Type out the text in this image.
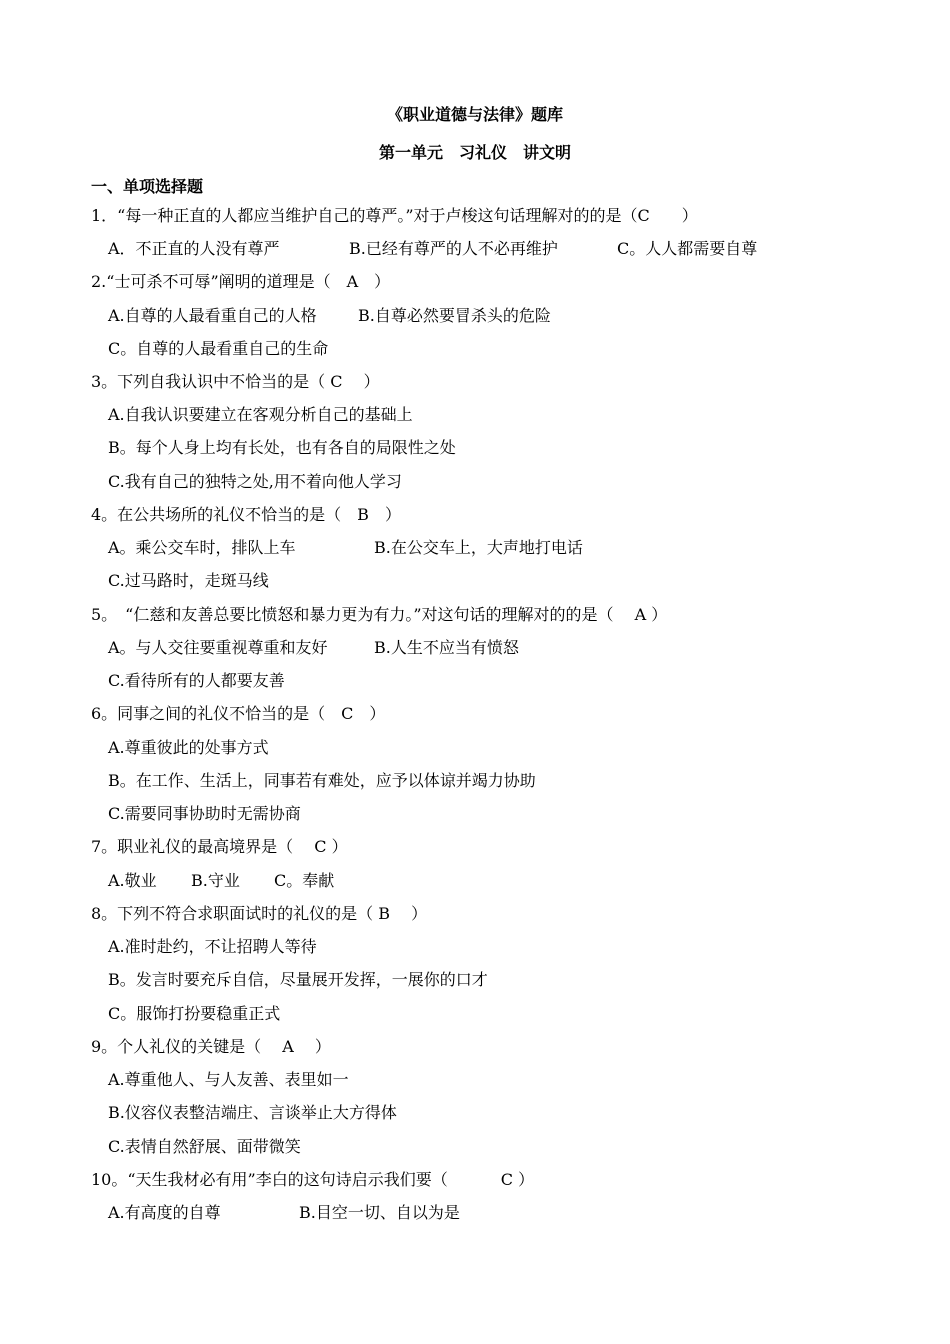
《职业道德与法律》题库
第一单元　习礼仪　讲文明
一、单项选择题
1．“每一种正直的人都应当维护自己的尊严。”对于卢梭这句话理解对的的是（C　　）
A．不正直的人没有尊严	B.已经有尊严的人不必再维护	C。人人都需要自尊
2.“士可杀不可辱”阐明的道理是（　A　）
A.自尊的人最看重自己的人格	B.自尊必然要冒杀头的危险
C。自尊的人最看重自己的生命
3。下列自我认识中不恰当的是（ C　 ）
A.自我认识要建立在客观分析自己的基础上
B。每个人身上均有长处，也有各自的局限性之处
C.我有自己的独特之处,用不着向他人学习
4。在公共场所的礼仪不恰当的是（　B　）
A。乘公交车时，排队上车	B.在公交车上，大声地打电话
C.过马路时，走斑马线
5。　“仁慈和友善总要比愤怒和暴力更为有力。”对这句话的理解对的的是（　 A ）
A。与人交往要重视尊重和友好	B.人生不应当有愤怒
C.看待所有的人都要友善
6。同事之间的礼仪不恰当的是（　C　）
A.尊重彼此的处事方式
B。在工作、生活上，同事若有难处，应予以体谅并竭力协助
C.需要同事协助时无需协商
7。职业礼仪的最高境界是（　 C ）
A.敬业 B.守业 C。奉献
8。下列不符合求职面试时的礼仪的是（ B　 ）
A.准时赴约，不让招聘人等待
B。发言时要充斥自信，尽量展开发挥，一展你的口才
C。服饰打扮要稳重正式
9。个人礼仪的关键是（　 A　 ）
A.尊重他人、与人友善、表里如一
B.仪容仪表整洁端庄、言谈举止大方得体
C.表情自然舒展、面带微笑
10。“天生我材必有用”李白的这句诗启示我们要（　　　 C ）
A.有高度的自尊	B.目空一切、自以为是
